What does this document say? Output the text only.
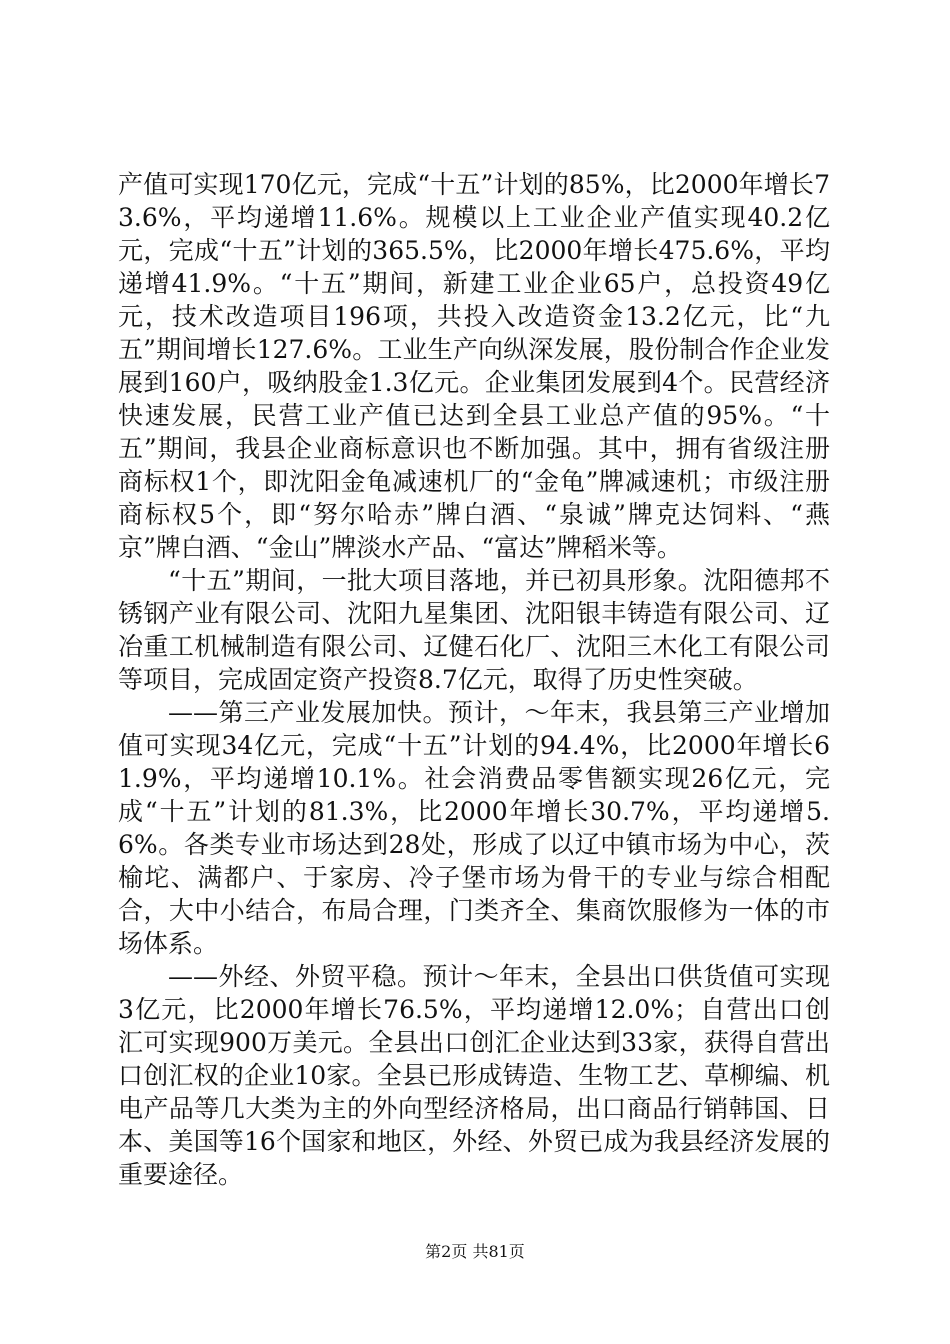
产值可实现170亿元，完成“十五”计划的85%，比2000年增长73.6%，平均递增11.6%。规模以上工业企业产值实现40.2亿元，完成“十五”计划的365.5%，比2000年增长475.6%，平均递增41.9%。“十五”期间，新建工业企业65户，总投资49亿元，技术改造项目196项，共投入改造资金13.2亿元，比“九五”期间增长127.6%。工业生产向纵深发展，股份制合作企业发展到160户，吸纳股金1.3亿元。企业集团发展到4个。民营经济快速发展，民营工业产值已达到全县工业总产值的95%。“十五”期间，我县企业商标意识也不断加强。其中，拥有省级注册商标权1个，即沈阳金龟减速机厂的“金龟”牌减速机；市级注册商标权5个，即“努尔哈赤”牌白酒、“泉诚”牌克达饲料、“燕京”牌白酒、“金山”牌淡水产品、“富达”牌稻米等。

“十五”期间，一批大项目落地，并已初具形象。沈阳德邦不锈钢产业有限公司、沈阳九星集团、沈阳银丰铸造有限公司、辽冶重工机械制造有限公司、辽健石化厂、沈阳三木化工有限公司等项目，完成固定资产投资8.7亿元，取得了历史性突破。

——第三产业发展加快。预计，～年末，我县第三产业增加值可实现34亿元，完成“十五”计划的94.4%，比2000年增长61.9%，平均递增10.1%。社会消费品零售额实现26亿元，完成“十五”计划的81.3%，比2000年增长30.7%，平均递增5.6%。各类专业市场达到28处，形成了以辽中镇市场为中心，茨榆坨、满都户、于家房、冷子堡市场为骨干的专业与综合相配合，大中小结合，布局合理，门类齐全、集商饮服修为一体的市场体系。

——外经、外贸平稳。预计～年末，全县出口供货值可实现3亿元，比2000年增长76.5%，平均递增12.0%；自营出口创汇可实现900万美元。全县出口创汇企业达到33家，获得自营出口创汇权的企业10家。全县已形成铸造、生物工艺、草柳编、机电产品等几大类为主的外向型经济格局，出口商品行销韩国、日本、美国等16个国家和地区，外经、外贸已成为我县经济发展的重要途径。

第2页 共81页
